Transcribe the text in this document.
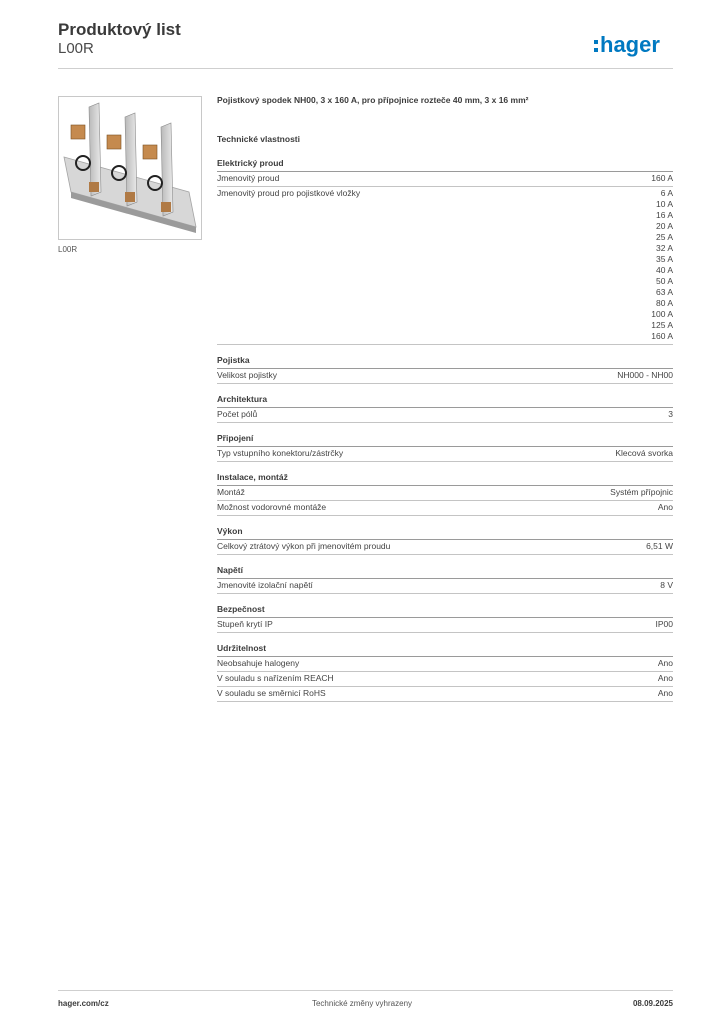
Produktový list
L00R	hager
L00R
Pojistkový spodek NH00, 3 x 160 A, pro přípojnice rozteče 40 mm, 3 x 16 mm²
Technické vlastnosti
Elektrický proud
Jmenovitý proud	160 A
Jmenovitý proud pro pojistkové vložky	6 A
10 A
16 A
20 A
25 A
32 A
35 A
40 A
50 A
63 A
80 A
100 A
125 A
160 A
Pojistka
Velikost pojistky	NH000 - NH00
Architektura
Počet pólů	3
Připojení
Typ vstupního konektoru/zástrčky	Klecová svorka
Instalace, montáž
Montáž	Systém přípojnic
Možnost vodorovné montáže	Ano
Výkon
Celkový ztrátový výkon při jmenovitém proudu	6,51 W
Napětí
Jmenovité izolační napětí	8 V
Bezpečnost
Stupeň krytí IP	IP00
Udržitelnost
Neobsahuje halogeny	Ano
V souladu s nařízením REACH	Ano
V souladu se směrnicí RoHS	Ano
hager.com/cz	Technické změny vyhrazeny	08.09.2025
